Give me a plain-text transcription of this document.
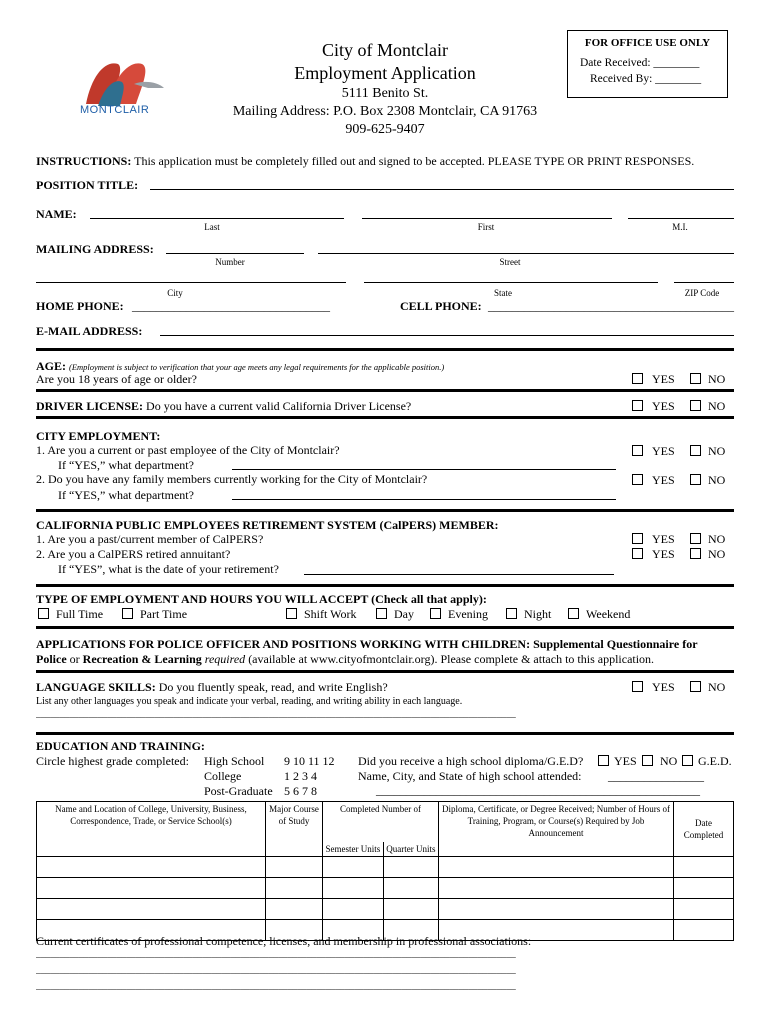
MONTCLAIR
City of Montclair
Employment Application
5111 Benito St.
Mailing Address: P.O. Box 2308 Montclair, CA 91763
909-625-9407
FOR OFFICE USE ONLY
Date Received: ________
Received By: ________
INSTRUCTIONS: This application must be completely filled out and signed to be accepted. PLEASE TYPE OR PRINT RESPONSES.
POSITION TITLE:
NAME:
Last	First	M.I.
MAILING ADDRESS:
Number	Street
City	State	ZIP Code
HOME PHONE: _________________________________	CELL PHONE: _________________________________________
E-MAIL ADDRESS:
AGE: (Employment is subject to verification that your age meets any legal requirements for the applicable position.)
Are you 18 years of age or older?	YES	NO
DRIVER LICENSE: Do you have a current valid California Driver License?	YES	NO
CITY EMPLOYMENT:
1. Are you a current or past employee of the City of Montclair?	YES	NO
If “YES,” what department?
2. Do you have any family members currently working for the City of Montclair?	YES	NO
If “YES,” what department?
CALIFORNIA PUBLIC EMPLOYEES RETIREMENT SYSTEM (CalPERS) MEMBER:
1. Are you a past/current member of CalPERS?	YES	NO
2. Are you a CalPERS retired annuitant?	YES	NO
If “YES”, what is the date of your retirement?
TYPE OF EMPLOYMENT AND HOURS YOU WILL ACCEPT (Check all that apply):
Full Time	Part Time	Shift Work	Day	Evening	Night	Weekend
APPLICATIONS FOR POLICE OFFICER AND POSITIONS WORKING WITH CHILDREN: Supplemental Questionnaire for
Police or Recreation & Learning required (available at www.cityofmontclair.org). Please complete & attach to this application.
LANGUAGE SKILLS: Do you fluently speak, read, and write English?	YES	NO
List any other languages you speak and indicate your verbal, reading, and writing ability in each language.
_____________________________________________________________________________________________________
EDUCATION AND TRAINING:
Circle highest grade completed: High School 9 10 11 12
College	1 2 3 4
Post-Graduate 5 6 7 8
Did you receive a high school diploma/G.E.D?	YES NO G.E.D.
Name, City, and State of high school attended: ________________
______________________________________________________
Name and Location of College, University, Business, Correspondence, Trade, or Service School(s)	Major Course of Study	Completed Number of		Diploma, Certificate, or Degree Received; Number of Hours of Training, Program, or Course(s) Required by Job Announcement	Date Completed
		Semester Units	Quarter Units		

Current certificates of professional competence, licenses, and membership in professional associations:
_____________________________________________________________________________________________________
_____________________________________________________________________________________________________
_____________________________________________________________________________________________________
